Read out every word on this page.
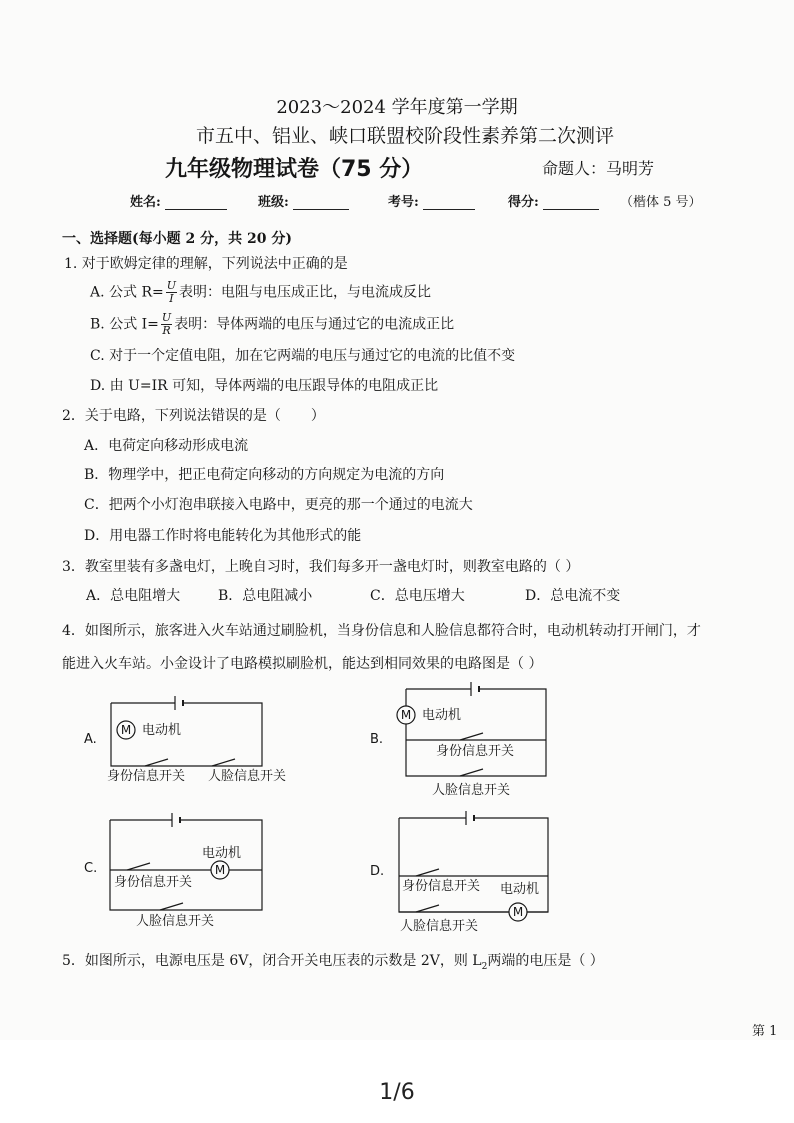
2023～2024 学年度第一学期
市五中、铝业、峡口联盟校阶段性素养第二次测评
九年级物理试卷（75 分）	命题人：马明芳
姓名:	班级:	考号:	得分:	（楷体 5 号）
一、选择题(每小题 2 分，共 20 分)
1. 对于欧姆定律的理解，下列说法中正确的是
A. 公式 $R= \frac{U}{I}$ 表明：电阻与电压成正比，与电流成反比
B. 公式 $I= \frac{U}{R}$ 表明：导体两端的电压与通过它的电流成正比
C. 对于一个定值电阻，加在它两端的电压与通过它的电流的比值不变
D. 由 U=IR 可知，导体两端的电压跟导体的电阻成正比
2．关于电路，下列说法错误的是（ ）
A．电荷定向移动形成电流
B．物理学中，把正电荷定向移动的方向规定为电流的方向
C．把两个小灯泡串联接入电路中，更亮的那一个通过的电流大
D．用电器工作时将电能转化为其他形式的能
3．教室里装有多盏电灯，上晚自习时，我们每多开一盏电灯时，则教室电路的（ ）
A．总电阻增大	B．总电阻减小	C．总电压增大	D．总电流不变
4．如图所示，旅客进入火车站通过刷脸机，当身份信息和人脸信息都符合时，电动机转动打开闸门，才
能进入火车站。小金设计了电路模拟刷脸机，能达到相同效果的电路图是（ ）
A.	B.
C.	D.
M
M
M
M
电动机
身份信息开关 人脸信息开关
电动机
身份信息开关
人脸信息开关
电动机
身份信息开关
人脸信息开关
身份信息开关 电动机
人脸信息开关
5．如图所示，电源电压是 6V，闭合开关电压表的示数是 2V，则 $L_2$两端的电压是（ ）
第 1
1/6
